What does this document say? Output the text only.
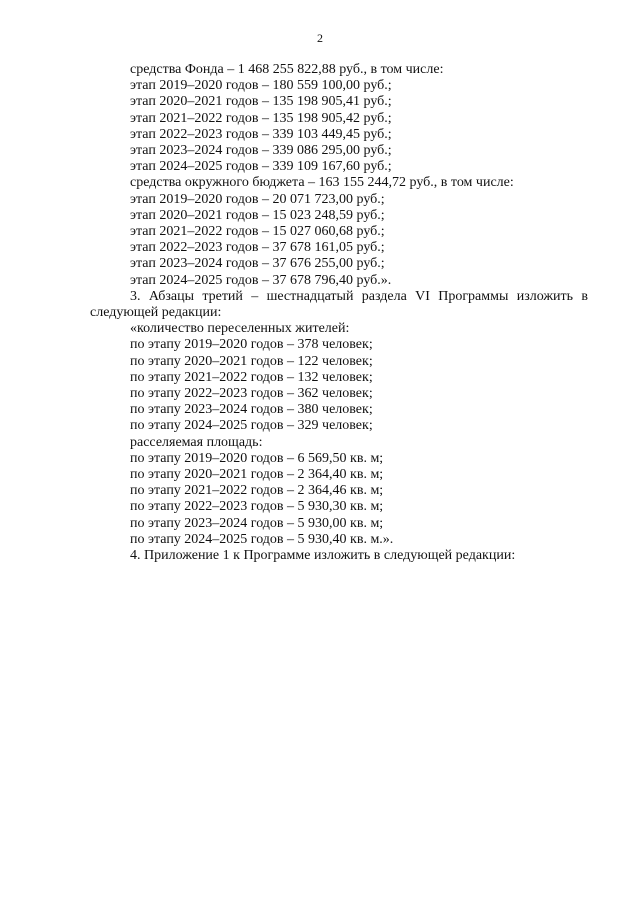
2
средства Фонда – 1 468 255 822,88 руб., в том числе:
этап 2019–2020 годов – 180 559 100,00 руб.;
этап 2020–2021 годов – 135 198 905,41 руб.;
этап 2021–2022 годов – 135 198 905,42 руб.;
этап 2022–2023 годов – 339 103 449,45 руб.;
этап 2023–2024 годов – 339 086 295,00 руб.;
этап 2024–2025 годов – 339 109 167,60 руб.;
средства окружного бюджета – 163 155 244,72 руб., в том числе:
этап 2019–2020 годов – 20 071 723,00 руб.;
этап 2020–2021 годов – 15 023 248,59 руб.;
этап 2021–2022 годов – 15 027 060,68 руб.;
этап 2022–2023 годов – 37 678 161,05 руб.;
этап 2023–2024 годов – 37 676 255,00 руб.;
этап 2024–2025 годов – 37 678 796,40 руб.».
3. Абзацы третий – шестнадцатый раздела VI Программы изложить в следующей редакции:
«количество переселенных жителей:
по этапу 2019–2020 годов – 378 человек;
по этапу 2020–2021 годов – 122 человек;
по этапу 2021–2022 годов – 132 человек;
по этапу 2022–2023 годов – 362 человек;
по этапу 2023–2024 годов – 380 человек;
по этапу 2024–2025 годов – 329 человек;
расселяемая площадь:
по этапу 2019–2020 годов – 6 569,50 кв. м;
по этапу 2020–2021 годов – 2 364,40 кв. м;
по этапу 2021–2022 годов – 2 364,46 кв. м;
по этапу 2022–2023 годов – 5 930,30 кв. м;
по этапу 2023–2024 годов – 5 930,00 кв. м;
по этапу 2024–2025 годов – 5 930,40 кв. м.».
4. Приложение 1 к Программе изложить в следующей редакции:
